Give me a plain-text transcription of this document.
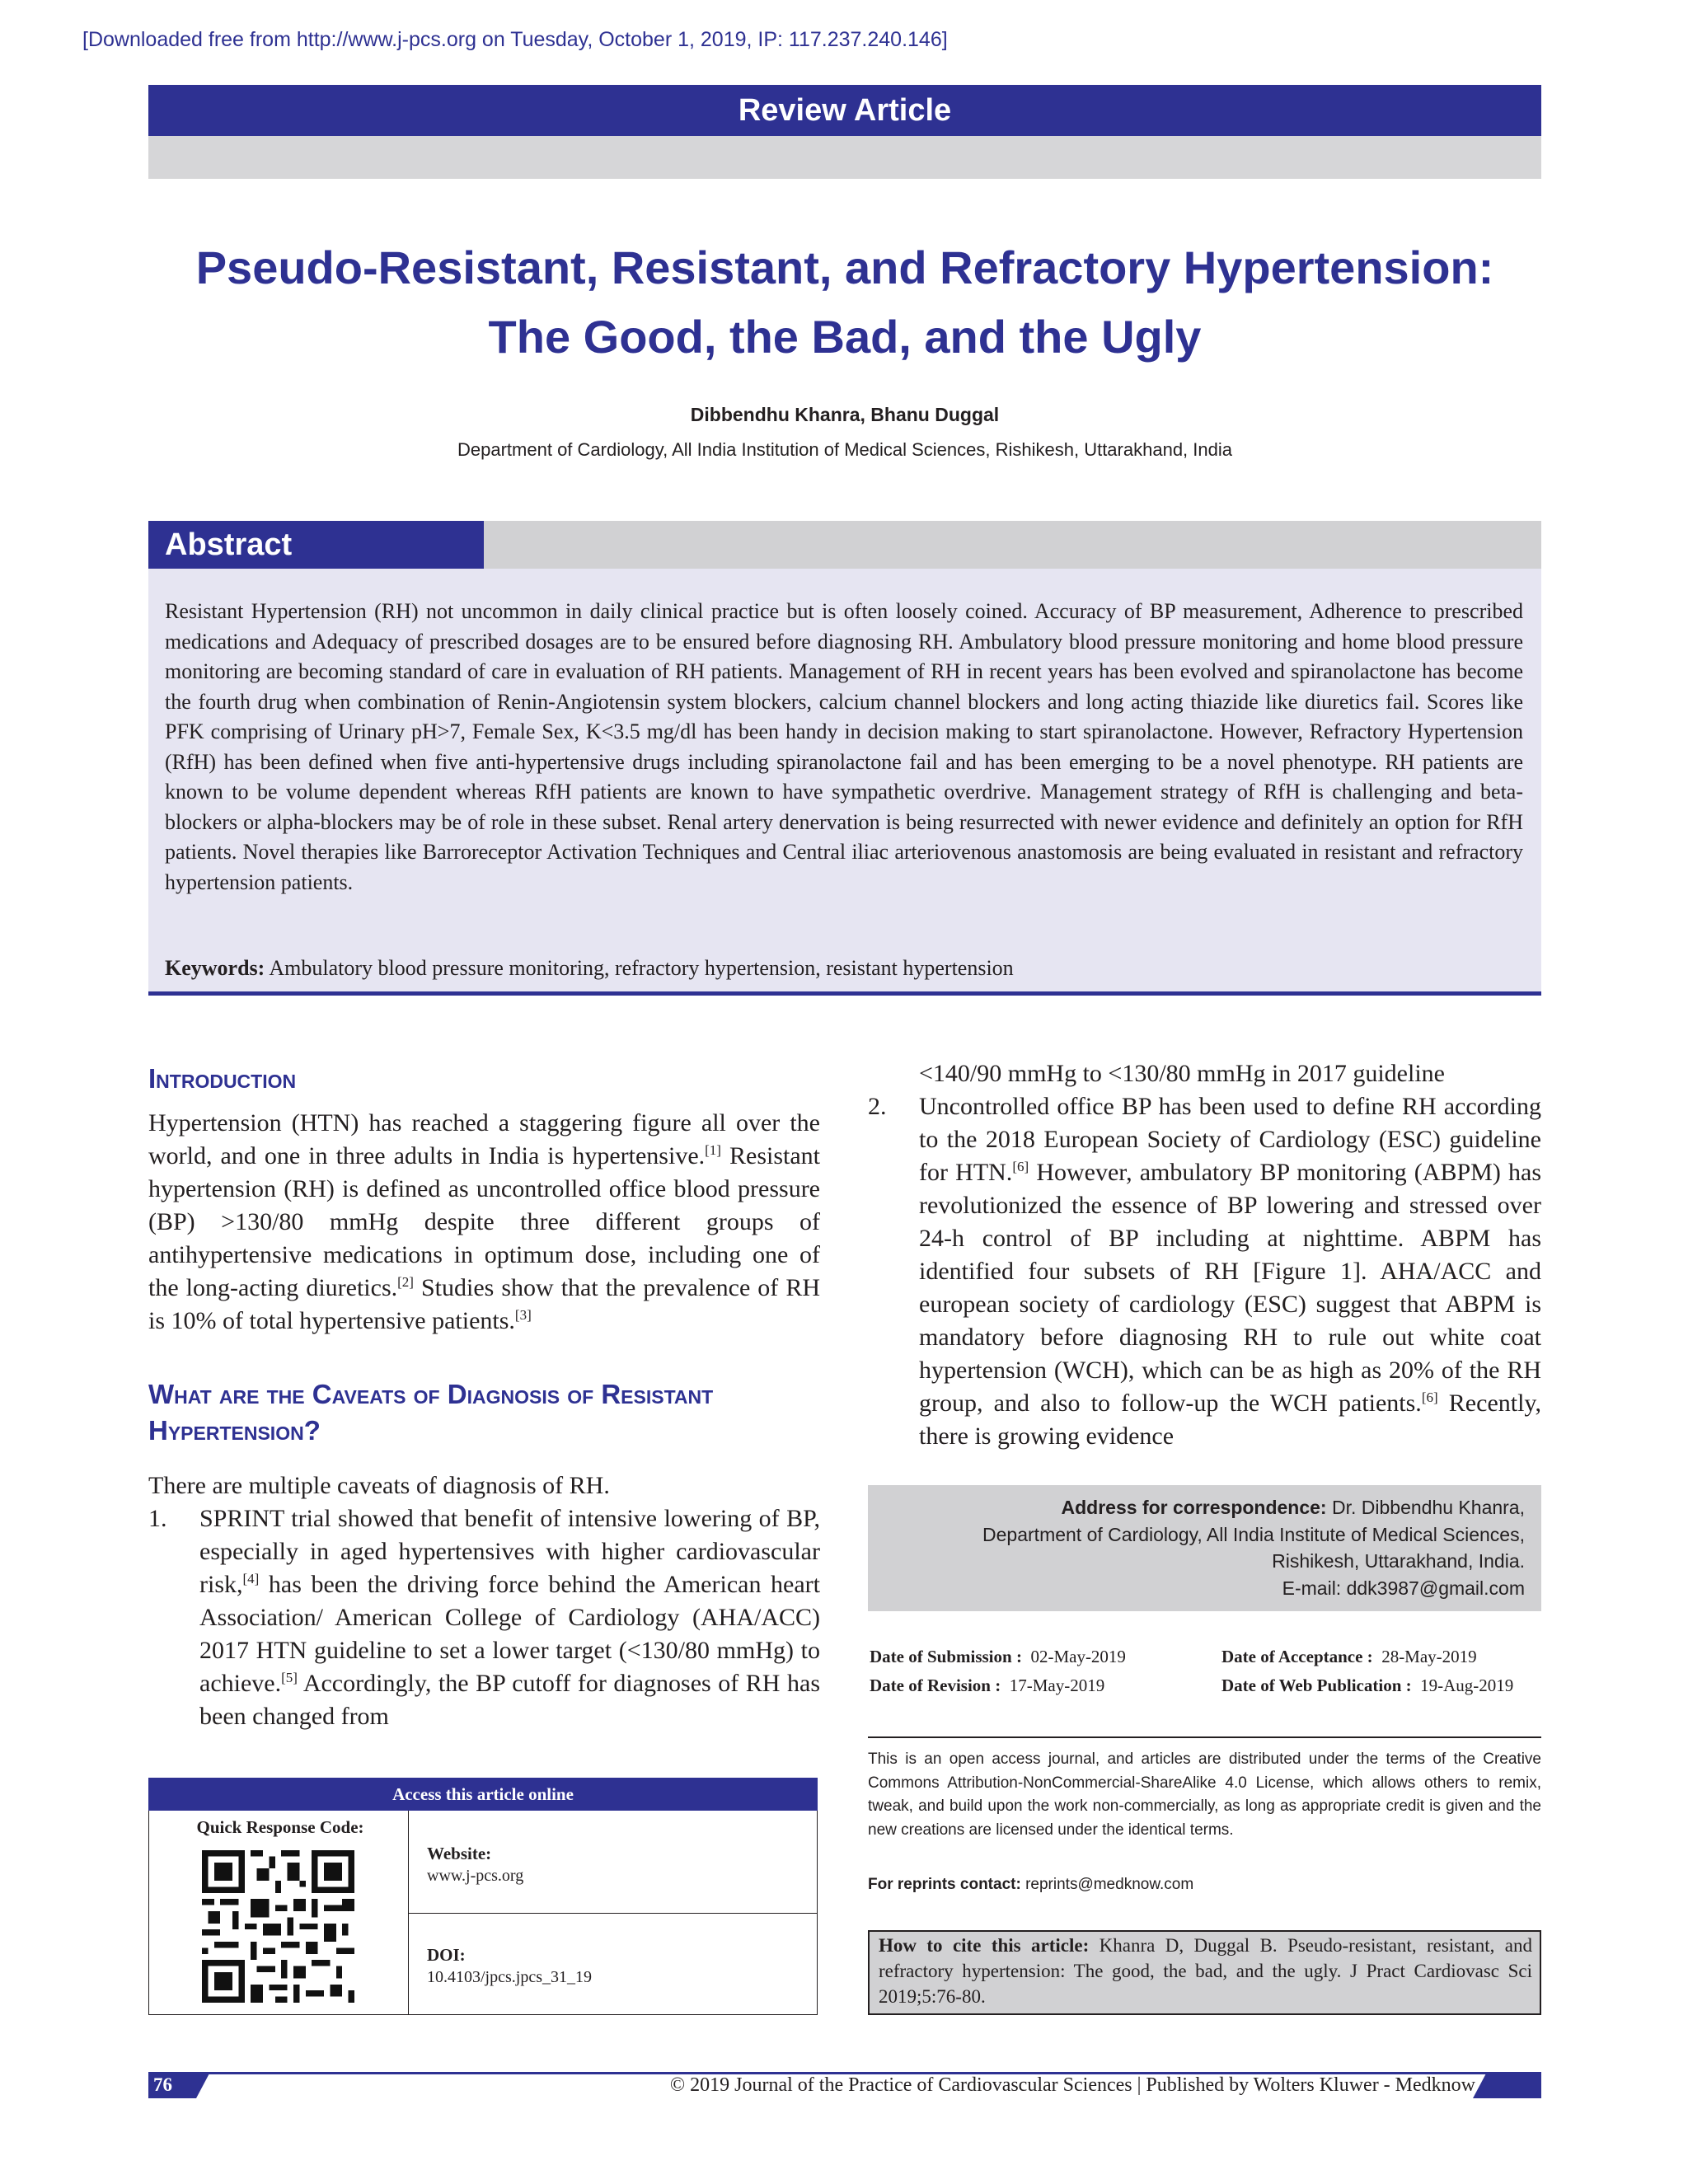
[Downloaded free from http://www.j-pcs.org on Tuesday, October 1, 2019, IP: 117.237.240.146]
Review Article
Pseudo-Resistant, Resistant, and Refractory Hypertension:
The Good, the Bad, and the Ugly
Dibbendhu Khanra, Bhanu Duggal
Department of Cardiology, All India Institution of Medical Sciences, Rishikesh, Uttarakhand, India
Abstract
Resistant Hypertension (RH) not uncommon in daily clinical practice but is often loosely coined. Accuracy of BP measurement, Adherence to prescribed medications and Adequacy of prescribed dosages are to be ensured before diagnosing RH. Ambulatory blood pressure monitoring and home blood pressure monitoring are becoming standard of care in evaluation of RH patients. Management of RH in recent years has been evolved and spiranolactone has become the fourth drug when combination of Renin-Angiotensin system blockers, calcium channel blockers and long acting thiazide like diuretics fail. Scores like PFK comprising of Urinary pH>7, Female Sex, K<3.5 mg/dl has been handy in decision making to start spiranolactone. However, Refractory Hypertension (RfH) has been defined when five anti-hypertensive drugs including spiranolactone fail and has been emerging to be a novel phenotype. RH patients are known to be volume dependent whereas RfH patients are known to have sympathetic overdrive. Management strategy of RfH is challenging and beta-blockers or alpha-blockers may be of role in these subset. Renal artery denervation is being resurrected with newer evidence and definitely an option for RfH patients. Novel therapies like Barroreceptor Activation Techniques and Central iliac arteriovenous anastomosis are being evaluated in resistant and refractory hypertension patients.
Keywords: Ambulatory blood pressure monitoring, refractory hypertension, resistant hypertension
Introduction
Hypertension (HTN) has reached a staggering figure all over the world, and one in three adults in India is hypertensive.[1] Resistant hypertension (RH) is defined as uncontrolled office blood pressure (BP) >130/80 mmHg despite three different groups of antihypertensive medications in optimum dose, including one of the long-acting diuretics.[2] Studies show that the prevalence of RH is 10% of total hypertensive patients.[3]
What are the Caveats of Diagnosis of Resistant
Hypertension?
There are multiple caveats of diagnosis of RH.
1.	SPRINT trial showed that benefit of intensive lowering of BP, especially in aged hypertensives with higher cardiovascular risk,[4] has been the driving force behind the American heart Association/ American College of Cardiology (AHA/ACC) 2017 HTN guideline to set a lower target (<130/80 mmHg) to achieve.[5] Accordingly, the BP cutoff for diagnoses of RH has been changed from
<140/90 mmHg to <130/80 mmHg in 2017 guideline
2.	Uncontrolled office BP has been used to define RH according to the 2018 European Society of Cardiology (ESC) guideline for HTN.[6] However, ambulatory BP monitoring (ABPM) has revolutionized the essence of BP lowering and stressed over 24-h control of BP including at nighttime. ABPM has identified four subsets of RH [Figure 1]. AHA/ACC and european society of cardiology (ESC) suggest that ABPM is mandatory before diagnosing RH to rule out white coat hypertension (WCH), which can be as high as 20% of the RH group, and also to follow-up the WCH patients.[6] Recently, there is growing evidence
Access this article online
Quick Response Code:
Website:
www.j-pcs.org
DOI:
10.4103/jpcs.jpcs_31_19
Address for correspondence: Dr. Dibbendhu Khanra,
Department of Cardiology, All India Institute of Medical Sciences,
Rishikesh, Uttarakhand, India.
E-mail: ddk3987@gmail.com
Date of Submission : 02-May-2019	Date of Acceptance : 28-May-2019
Date of Revision : 17-May-2019	Date of Web Publication : 19-Aug-2019
This is an open access journal, and articles are distributed under the terms of the Creative Commons Attribution-NonCommercial-ShareAlike 4.0 License, which allows others to remix, tweak, and build upon the work non-commercially, as long as appropriate credit is given and the new creations are licensed under the identical terms.
For reprints contact: reprints@medknow.com
How to cite this article: Khanra D, Duggal B. Pseudo-resistant, resistant, and refractory hypertension: The good, the bad, and the ugly. J Pract Cardiovasc Sci 2019;5:76-80.
76	© 2019 Journal of the Practice of Cardiovascular Sciences | Published by Wolters Kluwer - Medknow
